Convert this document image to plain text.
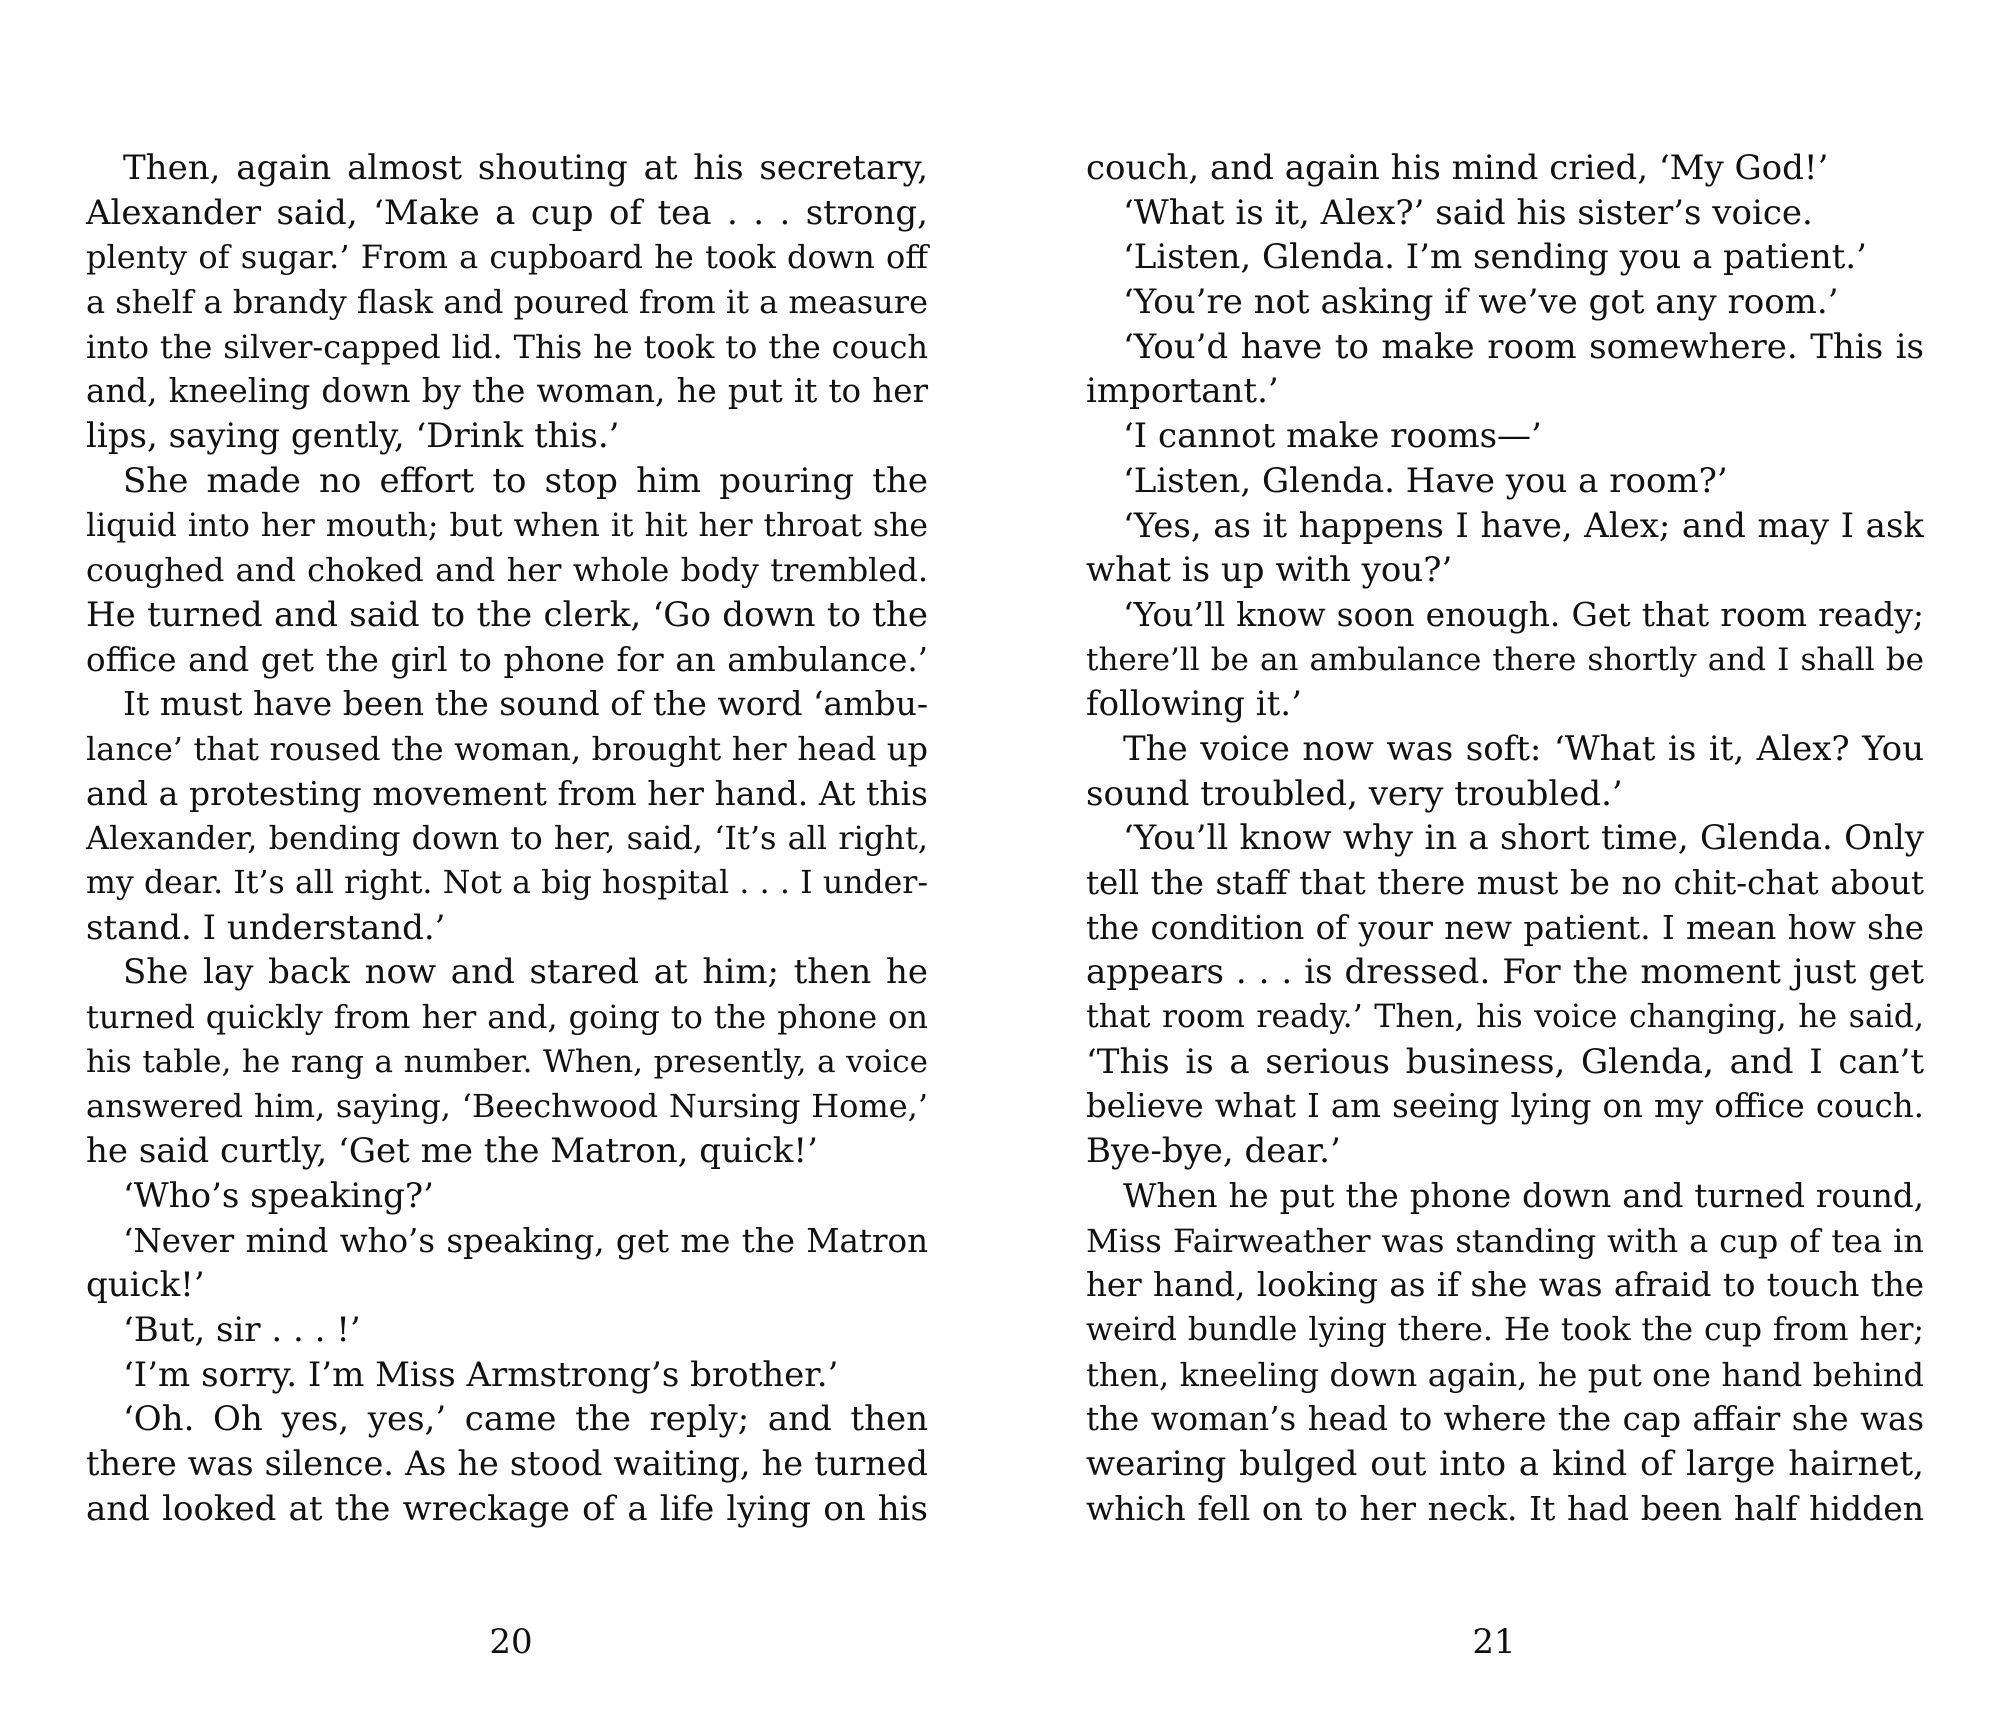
Then, again almost shouting at his secretary,
Alexander said, ‘Make a cup of tea . . . strong,
plenty of sugar.’ From a cupboard he took down off
a shelf a brandy flask and poured from it a measure
into the silver-capped lid. This he took to the couch
and, kneeling down by the woman, he put it to her
lips, saying gently, ‘Drink this.’
She made no effort to stop him pouring the
liquid into her mouth; but when it hit her throat she
coughed and choked and her whole body trembled.
He turned and said to the clerk, ‘Go down to the
office and get the girl to phone for an ambulance.’
It must have been the sound of the word ‘ambu-
lance’ that roused the woman, brought her head up
and a protesting movement from her hand. At this
Alexander, bending down to her, said, ‘It’s all right,
my dear. It’s all right. Not a big hospital . . . I under-
stand. I understand.’
She lay back now and stared at him; then he
turned quickly from her and, going to the phone on
his table, he rang a number. When, presently, a voice
answered him, saying, ‘Beechwood Nursing Home,’
he said curtly, ‘Get me the Matron, quick!’
‘Who’s speaking?’
‘Never mind who’s speaking, get me the Matron
quick!’
‘But, sir . . . !’
‘I’m sorry. I’m Miss Armstrong’s brother.’
‘Oh. Oh yes, yes,’ came the reply; and then
there was silence. As he stood waiting, he turned
and looked at the wreckage of a life lying on his
20
couch, and again his mind cried, ‘My God!’
‘What is it, Alex?’ said his sister’s voice.
‘Listen, Glenda. I’m sending you a patient.’
‘You’re not asking if we’ve got any room.’
‘You’d have to make room somewhere. This is
important.’
‘I cannot make rooms—’
‘Listen, Glenda. Have you a room?’
‘Yes, as it happens I have, Alex; and may I ask
what is up with you?’
‘You’ll know soon enough. Get that room ready;
there’ll be an ambulance there shortly and I shall be
following it.’
The voice now was soft: ‘What is it, Alex? You
sound troubled, very troubled.’
‘You’ll know why in a short time, Glenda. Only
tell the staff that there must be no chit-chat about
the condition of your new patient. I mean how she
appears . . . is dressed. For the moment just get
that room ready.’ Then, his voice changing, he said,
‘This is a serious business, Glenda, and I can’t
believe what I am seeing lying on my office couch.
Bye-bye, dear.’
When he put the phone down and turned round,
Miss Fairweather was standing with a cup of tea in
her hand, looking as if she was afraid to touch the
weird bundle lying there. He took the cup from her;
then, kneeling down again, he put one hand behind
the woman’s head to where the cap affair she was
wearing bulged out into a kind of large hairnet,
which fell on to her neck. It had been half hidden
21
